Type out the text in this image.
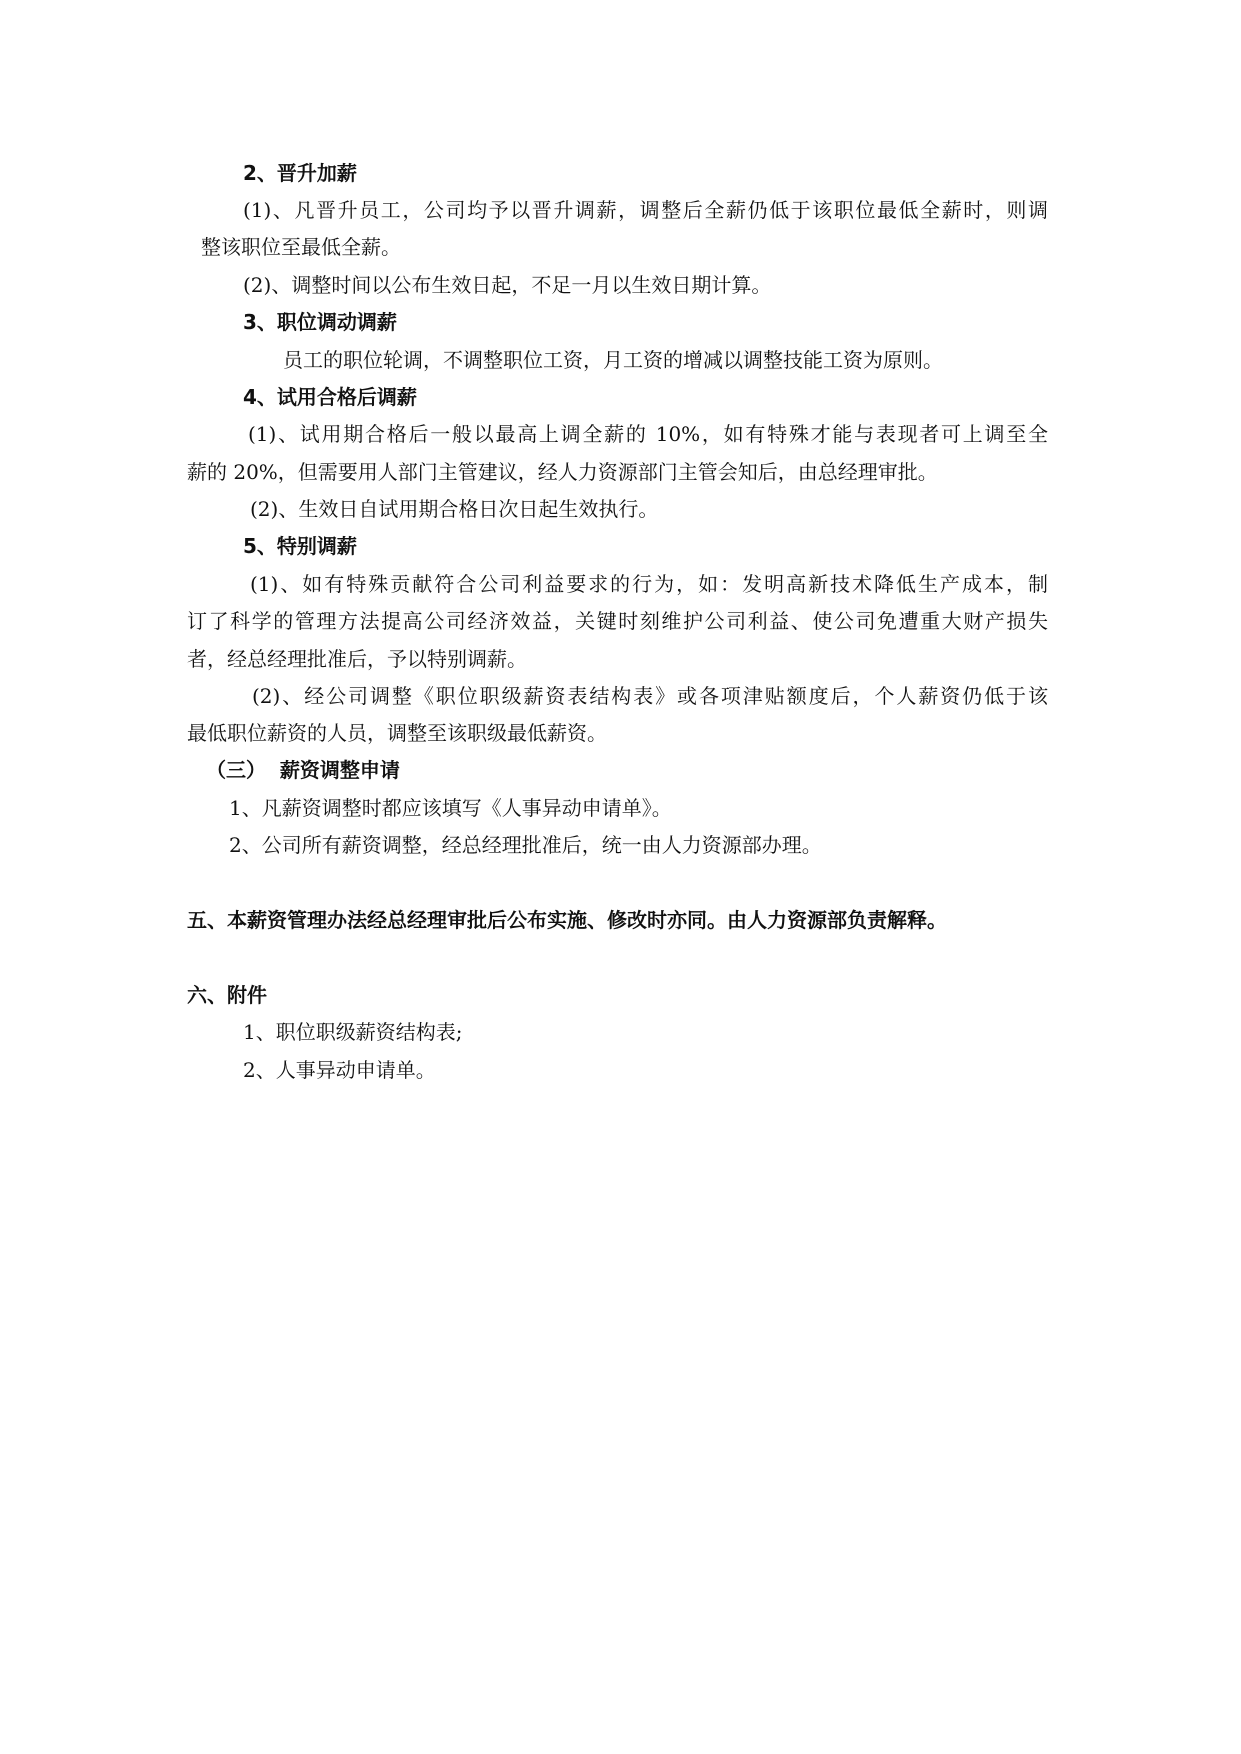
2、晋升加薪
(1)、凡晋升员工，公司均予以晋升调薪，调整后全薪仍低于该职位最低全薪时，则调
整该职位至最低全薪。
(2)、调整时间以公布生效日起，不足一月以生效日期计算。
3、职位调动调薪
员工的职位轮调，不调整职位工资，月工资的增减以调整技能工资为原则。
4、试用合格后调薪
(1)、试用期合格后一般以最高上调全薪的 10%，如有特殊才能与表现者可上调至全
薪的 20%，但需要用人部门主管建议，经人力资源部门主管会知后，由总经理审批。
(2)、生效日自试用期合格日次日起生效执行。
5、特别调薪
(1)、如有特殊贡献符合公司利益要求的行为，如：发明高新技术降低生产成本，制
订了科学的管理方法提高公司经济效益，关键时刻维护公司利益、使公司免遭重大财产损失
者，经总经理批准后，予以特别调薪。
(2)、经公司调整《职位职级薪资表结构表》或各项津贴额度后，个人薪资仍低于该
最低职位薪资的人员，调整至该职级最低薪资。
（三）  薪资调整申请
1、凡薪资调整时都应该填写《人事异动申请单》。
2、公司所有薪资调整，经总经理批准后，统一由人力资源部办理。
五、本薪资管理办法经总经理审批后公布实施、修改时亦同。由人力资源部负责解释。
六、附件
1、职位职级薪资结构表;
2、人事异动申请单。
